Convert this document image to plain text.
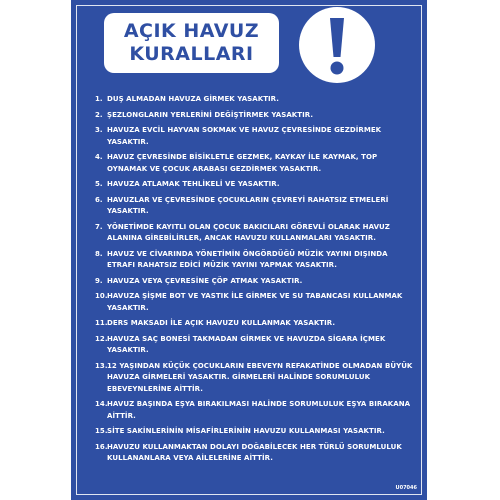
AÇIK HAVUZ
KURALLARI
1. DUŞ ALMADAN HAVUZA GİRMEK YASAKTIR.
2. ŞEZLONGLARIN YERLERİNİ DEĞİŞTİRMEK YASAKTIR.
3. HAVUZA EVCİL HAYVAN SOKMAK VE HAVUZ ÇEVRESİNDE GEZDİRMEK YASAKTIR.
4. HAVUZ ÇEVRESİNDE BİSİKLETLE GEZMEK, KAYKAY İLE KAYMAK, TOP OYNAMAK VE ÇOCUK ARABASI GEZDİRMEK YASAKTIR.
5. HAVUZA ATLAMAK TEHLİKELİ VE YASAKTIR.
6. HAVUZLAR VE ÇEVRESİNDE ÇOCUKLARIN ÇEVREYİ RAHATSIZ ETMELERİ YASAKTIR.
7. YÖNETİMDE KAYITLI OLAN ÇOCUK BAKICILARI GÖREVLİ OLARAK HAVUZ ALANINA GİREBİLİRLER, ANCAK HAVUZU KULLANMALARI YASAKTIR.
8. HAVUZ VE CİVARINDA YÖNETİMİN ÖNGÖRDÜĞÜ MÜZİK YAYINI DIŞINDA ETRAFI RAHATSIZ EDİCİ MÜZİK YAYINI YAPMAK YASAKTIR.
9. HAVUZA VEYA ÇEVRESİNE ÇÖP ATMAK YASAKTIR.
10. HAVUZA ŞİŞME BOT VE YASTIK İLE GİRMEK VE SU TABANCASI KULLANMAK YASAKTIR.
11. DERS MAKSADI İLE AÇIK HAVUZU KULLANMAK YASAKTIR.
12. HAVUZA SAÇ BONESİ TAKMADAN GİRMEK VE HAVUZDA SİGARA İÇMEK YASAKTIR.
13. 12 YAŞINDAN KÜÇÜK ÇOCUKLARIN EBEVEYN REFAKATİNDE OLMADAN BÜYÜK HAVUZA GİRMELERİ YASAKTIR. GİRMELERİ HALİNDE SORUMLULUK EBEVEYNLERİNE AİTTİR.
14. HAVUZ BAŞINDA EŞYA BIRAKILMASI HALİNDE SORUMLULUK EŞYA BIRAKANA AİTTİR.
15. SİTE SAKİNLERİNİN MİSAFİRLERİNİN HAVUZU KULLANMASI YASAKTIR.
16. HAVUZU KULLANMAKTAN DOLAYI DOĞABİLECEK HER TÜRLÜ SORUMLULUK KULLANANLARA VEYA AİLELERİNE AİTTİR.
U07046
